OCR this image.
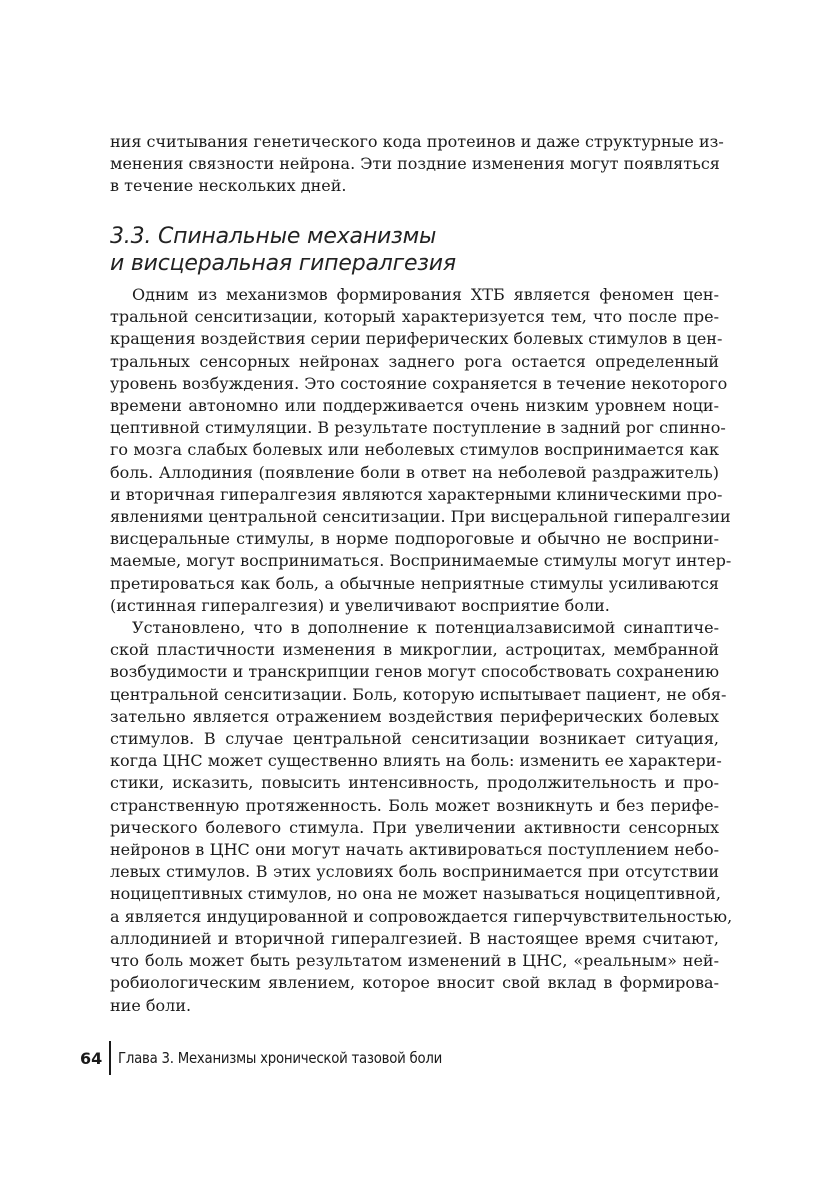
ния считывания генетического кода протеинов и даже структурные из-
менения связности нейрона. Эти поздние изменения могут появляться
в течение нескольких дней.
3.3. Спинальные механизмы
и висцеральная гипералгезия
Одним из механизмов формирования ХТБ является феномен цен-
тральной сенситизации, который характеризуется тем, что после пре-
кращения воздействия серии периферических болевых стимулов в цен-
тральных сенсорных нейронах заднего рога остается определенный
уровень возбуждения. Это состояние сохраняется в течение некоторого
времени автономно или поддерживается очень низким уровнем ноци-
цептивной стимуляции. В результате поступление в задний рог спинно-
го мозга слабых болевых или неболевых стимулов воспринимается как
боль. Аллодиния (появление боли в ответ на неболевой раздражитель)
и вторичная гипералгезия являются характерными клиническими про-
явлениями центральной сенситизации. При висцеральной гипералгезии
висцеральные стимулы, в норме подпороговые и обычно не восприни-
маемые, могут восприниматься. Воспринимаемые стимулы могут интер-
претироваться как боль, а обычные неприятные стимулы усиливаются
(истинная гипералгезия) и увеличивают восприятие боли.
Установлено, что в дополнение к потенциалзависимой синаптиче-
ской пластичности изменения в микроглии, астроцитах, мембранной
возбудимости и транскрипции генов могут способствовать сохранению
центральной сенситизации. Боль, которую испытывает пациент, не обя-
зательно является отражением воздействия периферических болевых
стимулов. В случае центральной сенситизации возникает ситуация,
когда ЦНС может существенно влиять на боль: изменить ее характери-
стики, исказить, повысить интенсивность, продолжительность и про-
странственную протяженность. Боль может возникнуть и без перифе-
рического болевого стимула. При увеличении активности сенсорных
нейронов в ЦНС они могут начать активироваться поступлением небо-
левых стимулов. В этих условиях боль воспринимается при отсутствии
ноцицептивных стимулов, но она не может называться ноцицептивной,
а является индуцированной и сопровождается гиперчувствительностью,
аллодинией и вторичной гипералгезией. В настоящее время считают,
что боль может быть результатом изменений в ЦНС, «реальным» ней-
робиологическим явлением, которое вносит свой вклад в формирова-
ние боли.
64 Глава 3. Механизмы хронической тазовой боли
